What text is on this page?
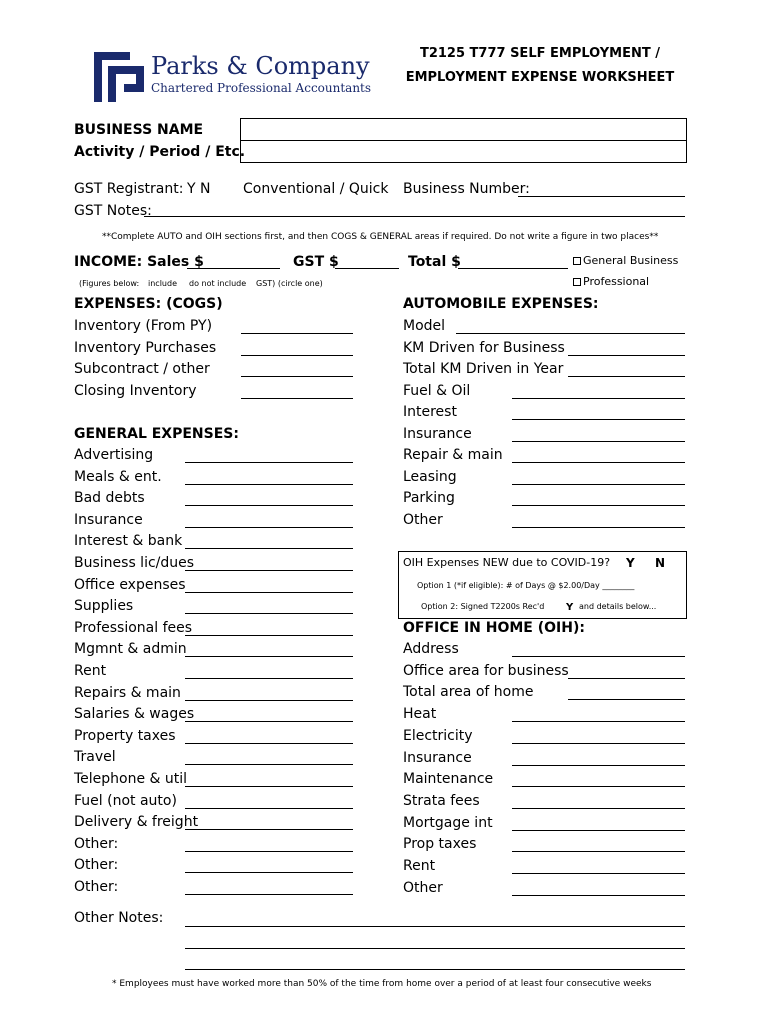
Parks & Company
Chartered Professional Accountants
T2125 T777 SELF EMPLOYMENT /
EMPLOYMENT EXPENSE WORKSHEET
BUSINESS NAME
Activity / Period / Etc.
GST Registrant: Y N Conventional / Quick Business Number:
GST Notes:
**Complete AUTO and OIH sections first, and then COGS & GENERAL areas if required. Do not write a figure in two places**
INCOME: Sales $	GST $	Total $	General Business
Professional
(Figures below: include do not include GST) (circle one)
EXPENSES: (COGS)
Inventory (From PY)
Inventory Purchases
Subcontract / other
Closing Inventory
GENERAL EXPENSES:
Advertising
Meals & ent.
Bad debts
Insurance
Interest & bank
Business lic/dues
Office expenses
Supplies
Professional fees
Mgmnt & admin
Rent
Repairs & main
Salaries & wages
Property taxes
Travel
Telephone & util
Fuel (not auto)
Delivery & freight
Other:
Other:
Other:
AUTOMOBILE EXPENSES:
Model
KM Driven for Business
Total KM Driven in Year
Fuel & Oil
Interest
Insurance
Repair & main
Leasing
Parking
Other
OIH Expenses NEW due to COVID-19? Y N
Option 1 (*if eligible): # of Days @ $2.00/Day ________
Option 2: Signed T2200s Rec'd Y and details below...
OFFICE IN HOME (OIH):
Address
Office area for business
Total area of home
Heat
Electricity
Insurance
Maintenance
Strata fees
Mortgage int
Prop taxes
Rent
Other
Other Notes:
* Employees must have worked more than 50% of the time from home over a period of at least four consecutive weeks
